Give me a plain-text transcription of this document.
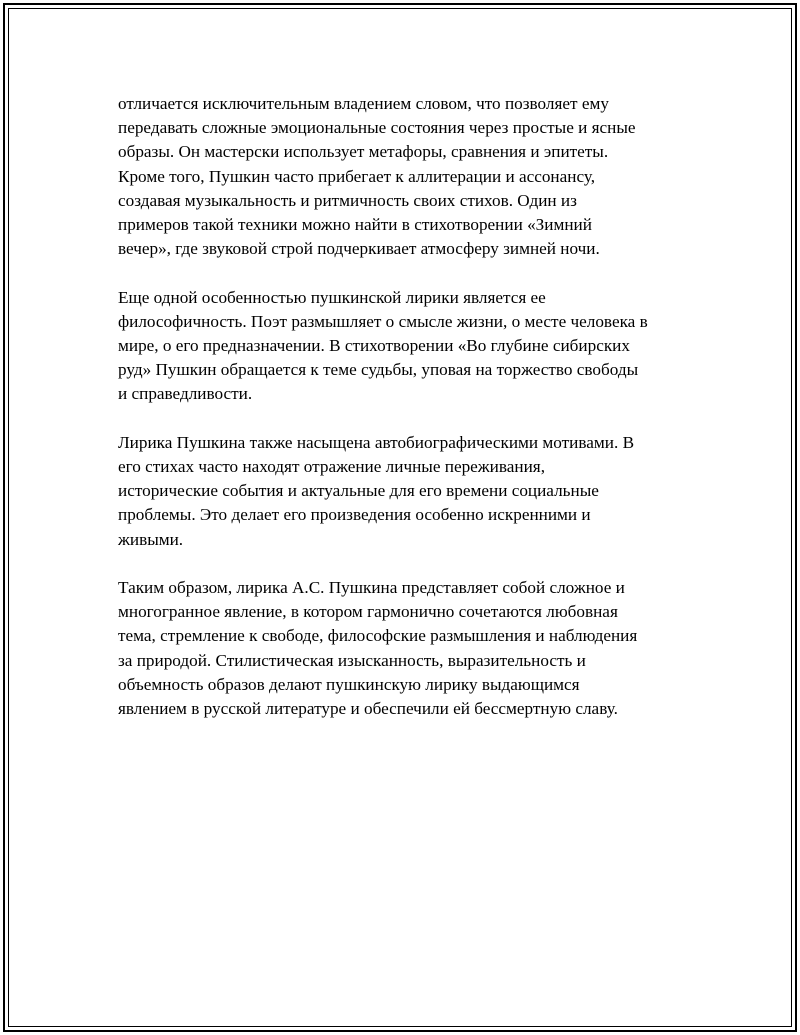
отличается исключительным владением словом, что позволяет ему
передавать сложные эмоциональные состояния через простые и ясные
образы. Он мастерски использует метафоры, сравнения и эпитеты.
Кроме того, Пушкин часто прибегает к аллитерации и ассонансу,
создавая музыкальность и ритмичность своих стихов. Один из
примеров такой техники можно найти в стихотворении «Зимний
вечер», где звуковой строй подчеркивает атмосферу зимней ночи.

Еще одной особенностью пушкинской лирики является ее
философичность. Поэт размышляет о смысле жизни, о месте человека в
мире, о его предназначении. В стихотворении «Во глубине сибирских
руд» Пушкин обращается к теме судьбы, уповая на торжество свободы
и справедливости.

Лирика Пушкина также насыщена автобиографическими мотивами. В
его стихах часто находят отражение личные переживания,
исторические события и актуальные для его времени социальные
проблемы. Это делает его произведения особенно искренними и
живыми.

Таким образом, лирика А.С. Пушкина представляет собой сложное и
многогранное явление, в котором гармонично сочетаются любовная
тема, стремление к свободе, философские размышления и наблюдения
за природой. Стилистическая изысканность, выразительность и
объемность образов делают пушкинскую лирику выдающимся
явлением в русской литературе и обеспечили ей бессмертную славу.
